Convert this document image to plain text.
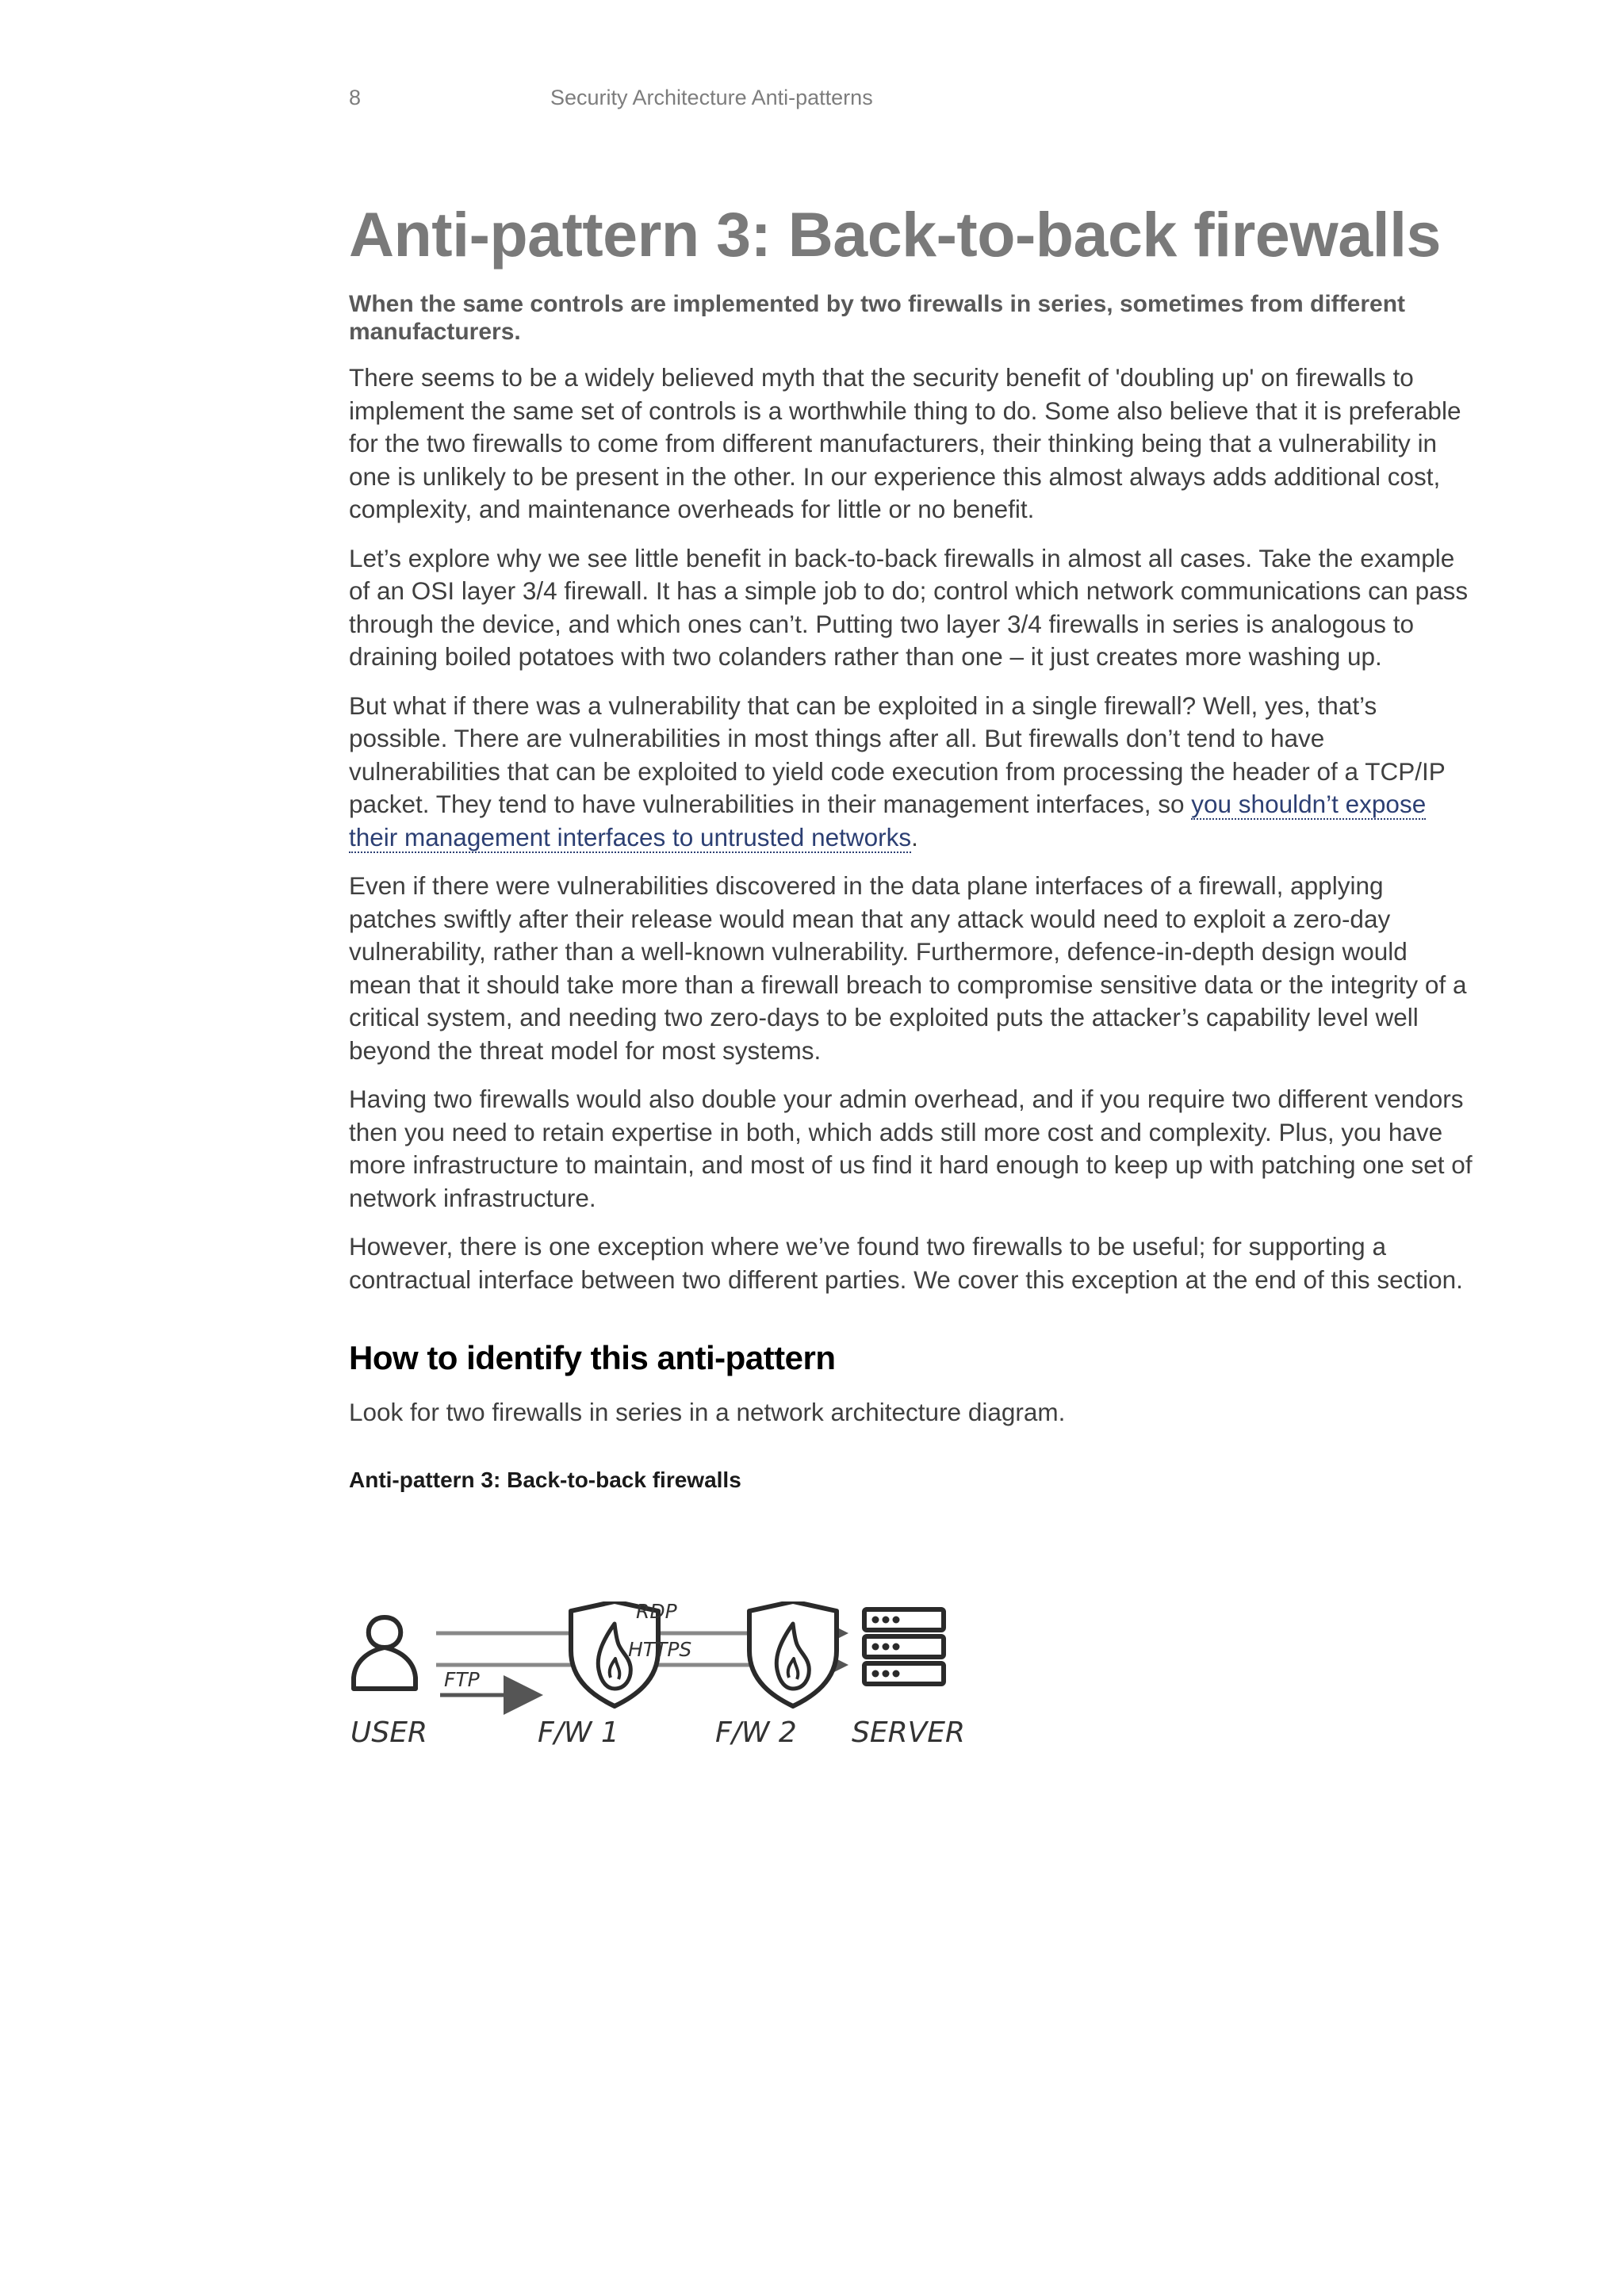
8	Security Architecture Anti-patterns
Anti-pattern 3: Back-to-back firewalls

When the same controls are implemented by two firewalls in series, sometimes from different manufacturers.

There seems to be a widely believed myth that the security benefit of 'doubling up' on firewalls to implement the same set of controls is a worthwhile thing to do. Some also believe that it is preferable for the two firewalls to come from different manufacturers, their thinking being that a vulnerability in one is unlikely to be present in the other. In our experience this almost always adds additional cost, complexity, and maintenance overheads for little or no benefit.

Let’s explore why we see little benefit in back-to-back firewalls in almost all cases. Take the example of an OSI layer 3/4 firewall. It has a simple job to do; control which network communications can pass through the device, and which ones can’t. Putting two layer 3/4 firewalls in series is analogous to draining boiled potatoes with two colanders rather than one – it just creates more washing up.

But what if there was a vulnerability that can be exploited in a single firewall? Well, yes, that’s possible. There are vulnerabilities in most things after all. But firewalls don’t tend to have vulnerabilities that can be exploited to yield code execution from processing the header of a TCP/IP packet. They tend to have vulnerabilities in their management interfaces, so you shouldn’t expose their management interfaces to untrusted networks.

Even if there were vulnerabilities discovered in the data plane interfaces of a firewall, applying patches swiftly after their release would mean that any attack would need to exploit a zero-day vulnerability, rather than a well-known vulnerability. Furthermore, defence-in-depth design would mean that it should take more than a firewall breach to compromise sensitive data or the integrity of a critical system, and needing two zero-days to be exploited puts the attacker’s capability level well beyond the threat model for most systems.

Having two firewalls would also double your admin overhead, and if you require two different vendors then you need to retain expertise in both, which adds still more cost and complexity. Plus, you have more infrastructure to maintain, and most of us find it hard enough to keep up with patching one set of network infrastructure.

However, there is one exception where we’ve found two firewalls to be useful; for supporting a contractual interface between two different parties. We cover this exception at the end of this section.

How to identify this anti-pattern

Look for two firewalls in series in a network architecture diagram.

Anti-pattern 3: Back-to-back firewalls

RDP
HTTPS
FTP
USER	F/W 1	F/W 2 SERVER
